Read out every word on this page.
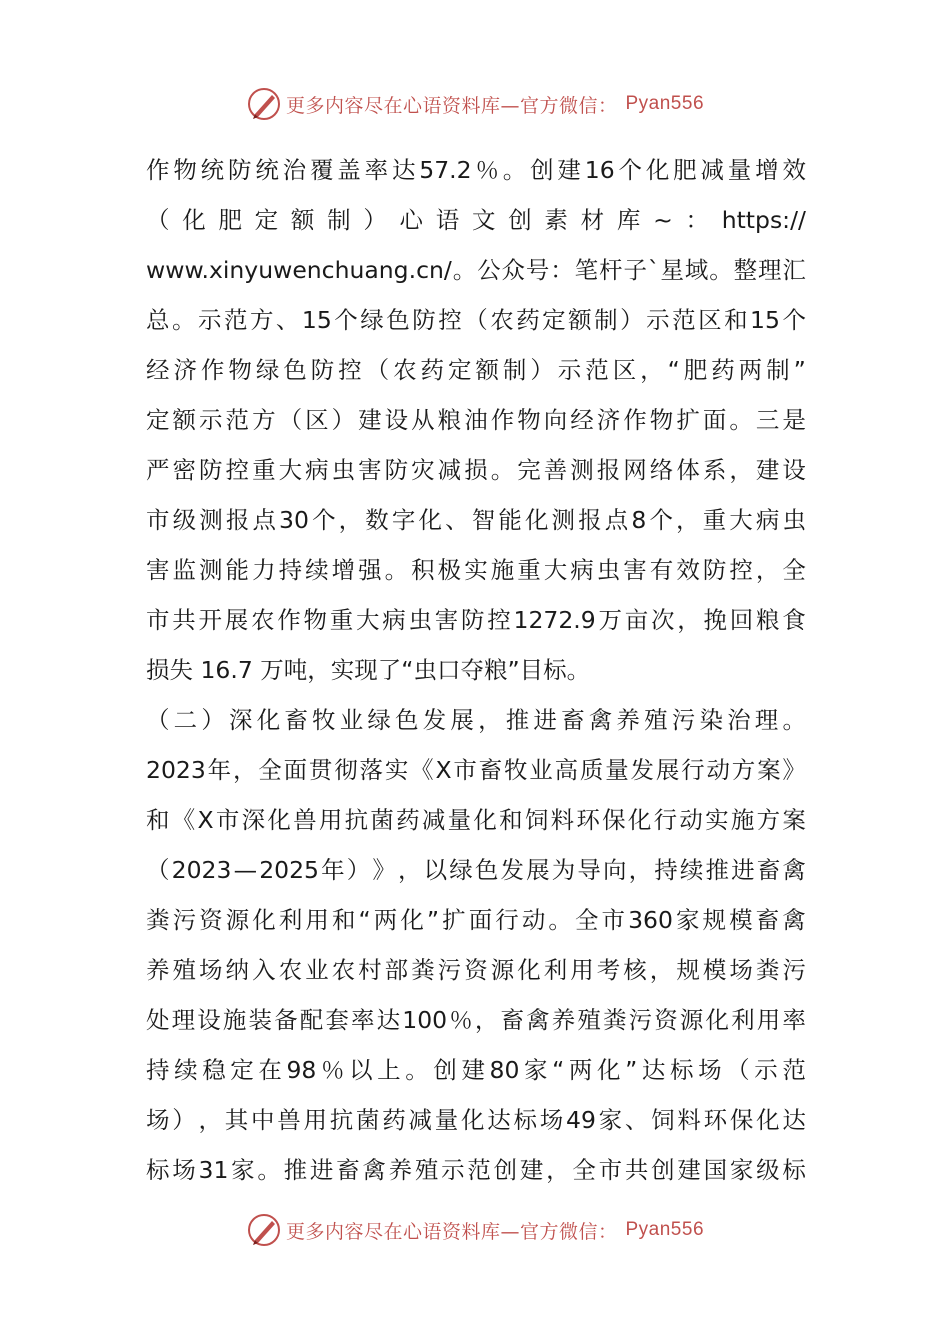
更多内容尽在心语资料库—官方微信： Pyan556
作 物 统 防 统 治 覆 盖 率 达 57.2 ％ 。 创 建 16 个 化 肥 减 量 增 效
（ 化 肥 定 额 制 ） 心 语 文 创 素 材 库 ~ ： https://
www.xinyuwenchuang.cn/ 。 公 众 号 ： 笔 杆 子 ` 星 域 。 整 理 汇
总 。 示 范 方 、 15 个 绿 色 防 控 （ 农 药 定 额 制 ） 示 范 区 和 15 个
经 济 作 物 绿 色 防 控 （ 农 药 定 额 制 ） 示 范 区 ， “ 肥 药 两 制 ”
定 额 示 范 方 （ 区 ） 建 设 从 粮 油 作 物 向 经 济 作 物 扩 面 。 三 是
严 密 防 控 重 大 病 虫 害 防 灾 减 损 。 完 善 测 报 网 络 体 系 ， 建 设
市 级 测 报 点 30 个 ， 数 字 化 、 智 能 化 测 报 点 8 个 ， 重 大 病 虫
害 监 测 能 力 持 续 增 强 。 积 极 实 施 重 大 病 虫 害 有 效 防 控 ， 全
市 共 开 展 农 作 物 重 大 病 虫 害 防 控 1272.9 万 亩 次 ， 挽 回 粮 食
损失 16.7 万吨，实现了“虫口夺粮”目标。
（ 二 ） 深 化 畜 牧 业 绿 色 发 展 ， 推 进 畜 禽 养 殖 污 染 治 理 。
2023 年 ， 全 面 贯 彻 落 实 《 X 市 畜 牧 业 高 质 量 发 展 行 动 方 案 》
和 《 X 市 深 化 兽 用 抗 菌 药 减 量 化 和 饲 料 环 保 化 行 动 实 施 方 案
（ 2023 — 2025 年 ） 》 ， 以 绿 色 发 展 为 导 向 ， 持 续 推 进 畜 禽
粪 污 资 源 化 利 用 和 “ 两 化 ” 扩 面 行 动 。 全 市 360 家 规 模 畜 禽
养 殖 场 纳 入 农 业 农 村 部 粪 污 资 源 化 利 用 考 核 ， 规 模 场 粪 污
处 理 设 施 装 备 配 套 率 达 100 ％ ， 畜 禽 养 殖 粪 污 资 源 化 利 用 率
持 续 稳 定 在 98 ％ 以 上 。 创 建 80 家 “ 两 化 ” 达 标 场 （ 示 范
场 ） ， 其 中 兽 用 抗 菌 药 减 量 化 达 标 场 49 家 、 饲 料 环 保 化 达
标 场 31 家 。 推 进 畜 禽 养 殖 示 范 创 建 ， 全 市 共 创 建 国 家 级 标
更多内容尽在心语资料库—官方微信： Pyan556
